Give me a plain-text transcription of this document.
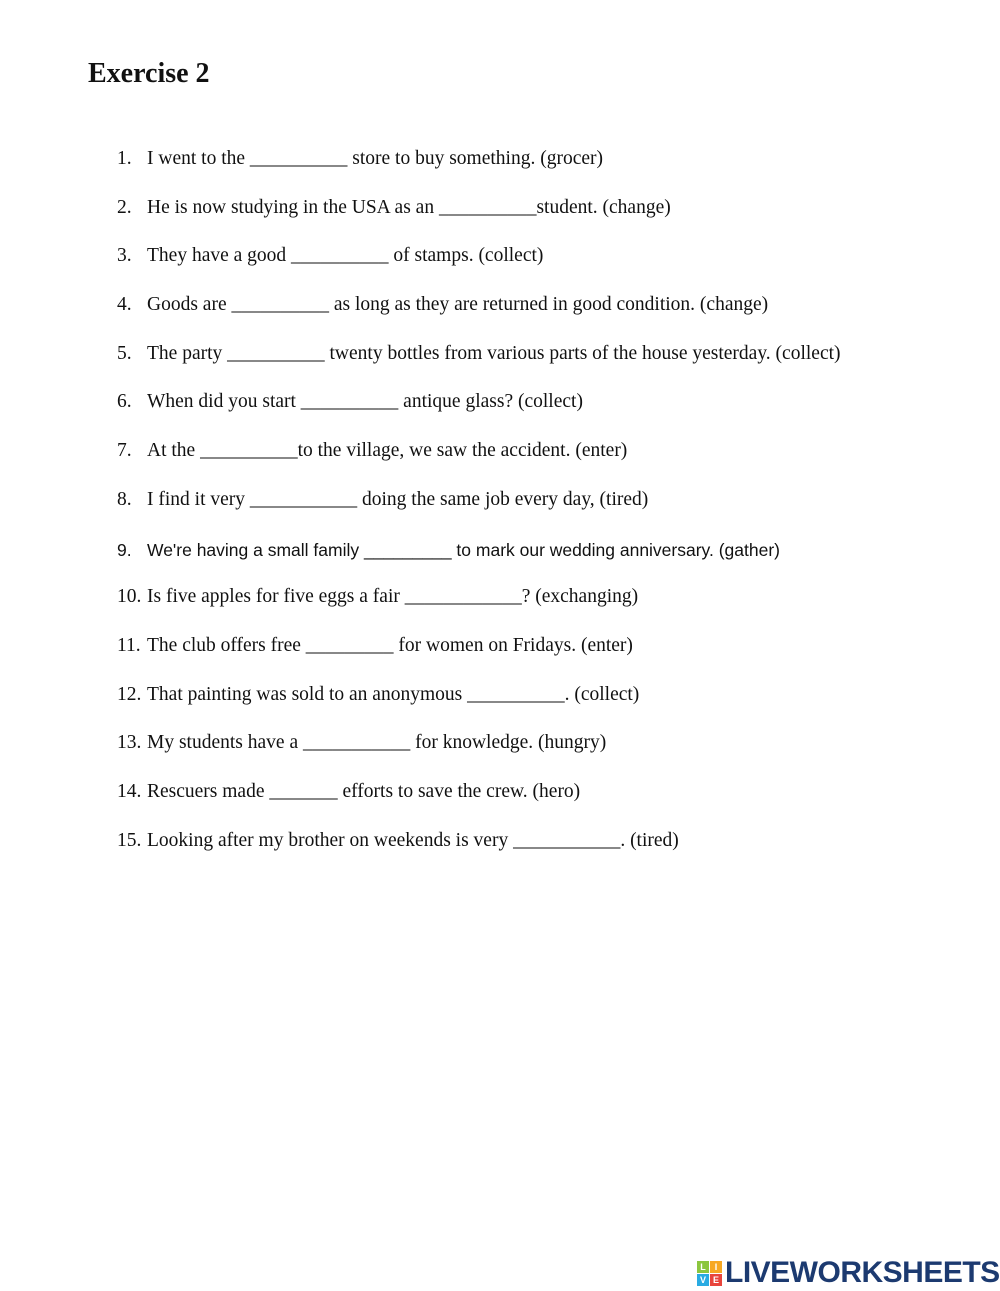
Exercise 2
1. I went to the __________ store to buy something. (grocer)
2. He is now studying in the USA as an __________student. (change)
3. They have a good __________ of stamps. (collect)
4. Goods are __________ as long as they are returned in good condition. (change)
5. The party __________ twenty bottles from various parts of the house yesterday. (collect)
6. When did you start __________ antique glass? (collect)
7. At the __________to the village, we saw the accident. (enter)
8. I find it very ___________ doing the same job every day, (tired)
9. We're having a small family _________ to mark our wedding anniversary. (gather)
10. Is five apples for five eggs a fair ____________? (exchanging)
11. The club offers free _________ for women on Fridays. (enter)
12. That painting was sold to an anonymous __________. (collect)
13. My students have a ___________ for knowledge. (hungry)
14. Rescuers made _______ efforts to save the crew. (hero)
15. Looking after my brother on weekends is very ___________. (tired)
L I
V E LIVEWORKSHEETS
